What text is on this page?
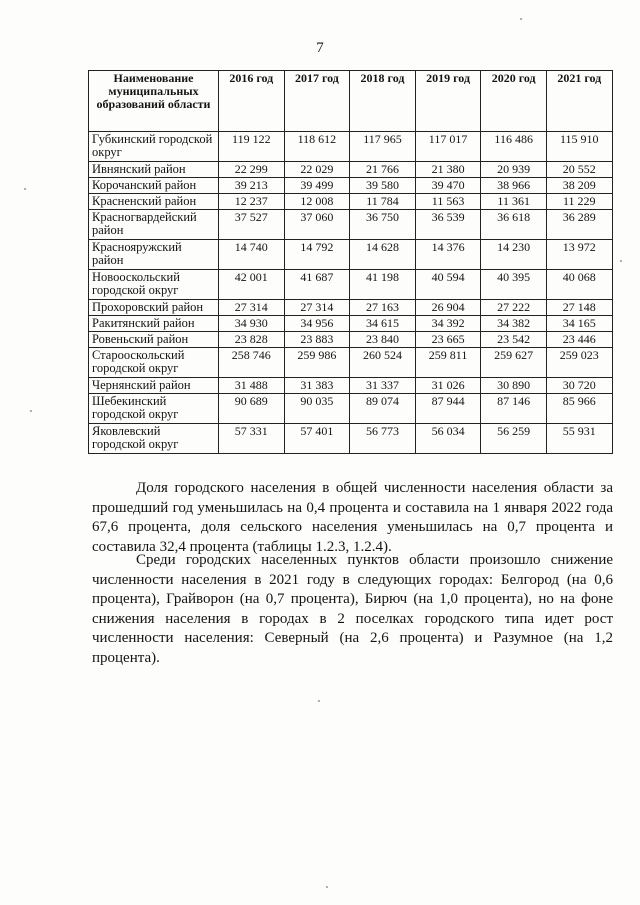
7
Наименование муниципальных образований области	2016 год	2017 год	2018 год	2019 год	2020 год	2021 год
Губкинский городской округ	119 122	118 612	117 965	117 017	116 486	115 910
Ивнянский район	22 299	22 029	21 766	21 380	20 939	20 552
Корочанский район	39 213	39 499	39 580	39 470	38 966	38 209
Красненский район	12 237	12 008	11 784	11 563	11 361	11 229
Красногвардейский район	37 527	37 060	36 750	36 539	36 618	36 289
Краснояружский район	14 740	14 792	14 628	14 376	14 230	13 972
Новооскольский городской округ	42 001	41 687	41 198	40 594	40 395	40 068
Прохоровский район	27 314	27 314	27 163	26 904	27 222	27 148
Ракитянский район	34 930	34 956	34 615	34 392	34 382	34 165
Ровеньский район	23 828	23 883	23 840	23 665	23 542	23 446
Старооскольский городской округ	258 746	259 986	260 524	259 811	259 627	259 023
Чернянский район	31 488	31 383	31 337	31 026	30 890	30 720
Шебекинский городской округ	90 689	90 035	89 074	87 944	87 146	85 966
Яковлевский городской округ	57 331	57 401	56 773	56 034	56 259	55 931

Доля городского населения в общей численности населения области за прошедший год уменьшилась на 0,4 процента и составила на 1 января 2022 года 67,6 процента, доля сельского населения уменьшилась на 0,7 процента и составила 32,4 процента (таблицы 1.2.3, 1.2.4).

Среди городских населенных пунктов области произошло снижение численности населения в 2021 году в следующих городах: Белгород (на 0,6 процента), Грайворон (на 0,7 процента), Бирюч (на 1,0 процента), но на фоне снижения населения в городах в 2 поселках городского типа идет рост численности населения: Северный (на 2,6 процента) и Разумное (на 1,2 процента).
